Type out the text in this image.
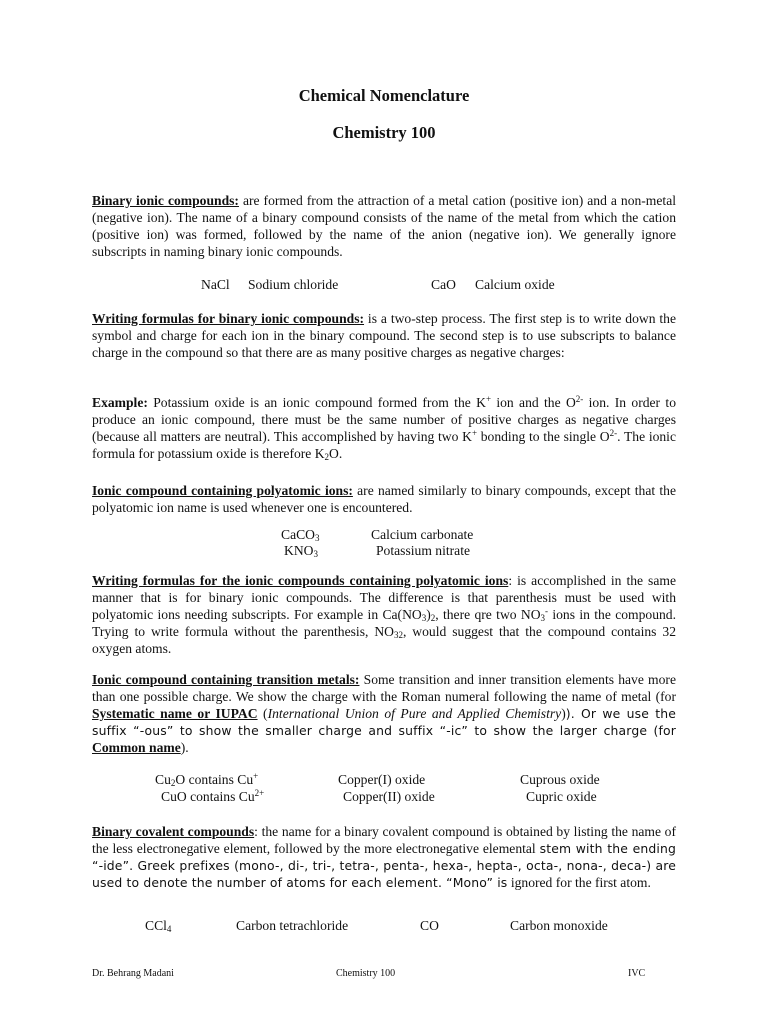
Chemical Nomenclature
Chemistry 100

Binary ionic compounds: are formed from the attraction of a metal cation (positive ion) and a non-metal (negative ion). The name of a binary compound consists of the name of the metal from which the cation (positive ion) was formed, followed by the name of the anion (negative ion). We generally ignore subscripts in naming binary ionic compounds.

NaCl Sodium chloride	CaO Calcium oxide

Writing formulas for binary ionic compounds: is a two-step process. The first step is to write down the symbol and charge for each ion in the binary compound. The second step is to use subscripts to balance charge in the compound so that there are as many positive charges as negative charges:

Example: Potassium oxide is an ionic compound formed from the K+ ion and the $O^{2-}$ ion. In order to produce an ionic compound, there must be the same number of positive charges as negative charges (because all matters are neutral). This accomplished by having two K+ bonding to the single $O^{2-}$. The ionic formula for potassium oxide is therefore $K_2O$.

Ionic compound containing polyatomic ions: are named similarly to binary compounds, except that the polyatomic ion name is used whenever one is encountered.

CaCO$_3$	Calcium carbonate
$KNO_3$	Potassium nitrate

Writing formulas for the ionic compounds containing polyatomic ions: is accomplished in the same manner that is for binary ionic compounds. The difference is that parenthesis must be used with polyatomic ions needing subscripts. For example in $Ca(NO_3)_2$, there qre two $NO_3^-$ ions in the compound. Trying to write formula without the parenthesis, $NO_{32}$, would suggest that the compound contains 32 oxygen atoms.

Ionic compound containing transition metals: Some transition and inner transition elements have more than one possible charge. We show the charge with the Roman numeral following the name of metal (for Systematic name or IUPAC (International Union of Pure and Applied Chemistry)). Or we use the suffix “-ous” to show the smaller charge and suffix “-ic” to show the larger charge (for Common name).

$Cu_2O$ contains Cu+	Copper(I) oxide	Cuprous oxide
CuO contains $Cu^{2+}$	Copper(II) oxide	Cupric oxide

Binary covalent compounds: the name for a binary covalent compound is obtained by listing the name of the less electronegative element, followed by the more electronegative elemental stem with the ending “-ide”. Greek prefixes (mono-, di-, tri-, tetra-, penta-, hexa-, hepta-, octa-, nona-, deca-) are used to denote the number of atoms for each element. “Mono” is ignored for the first atom.

CCl$_4$	Carbon tetrachloride	CO	Carbon monoxide
Dr. Behrang Madani	Chemistry 100	IVC
